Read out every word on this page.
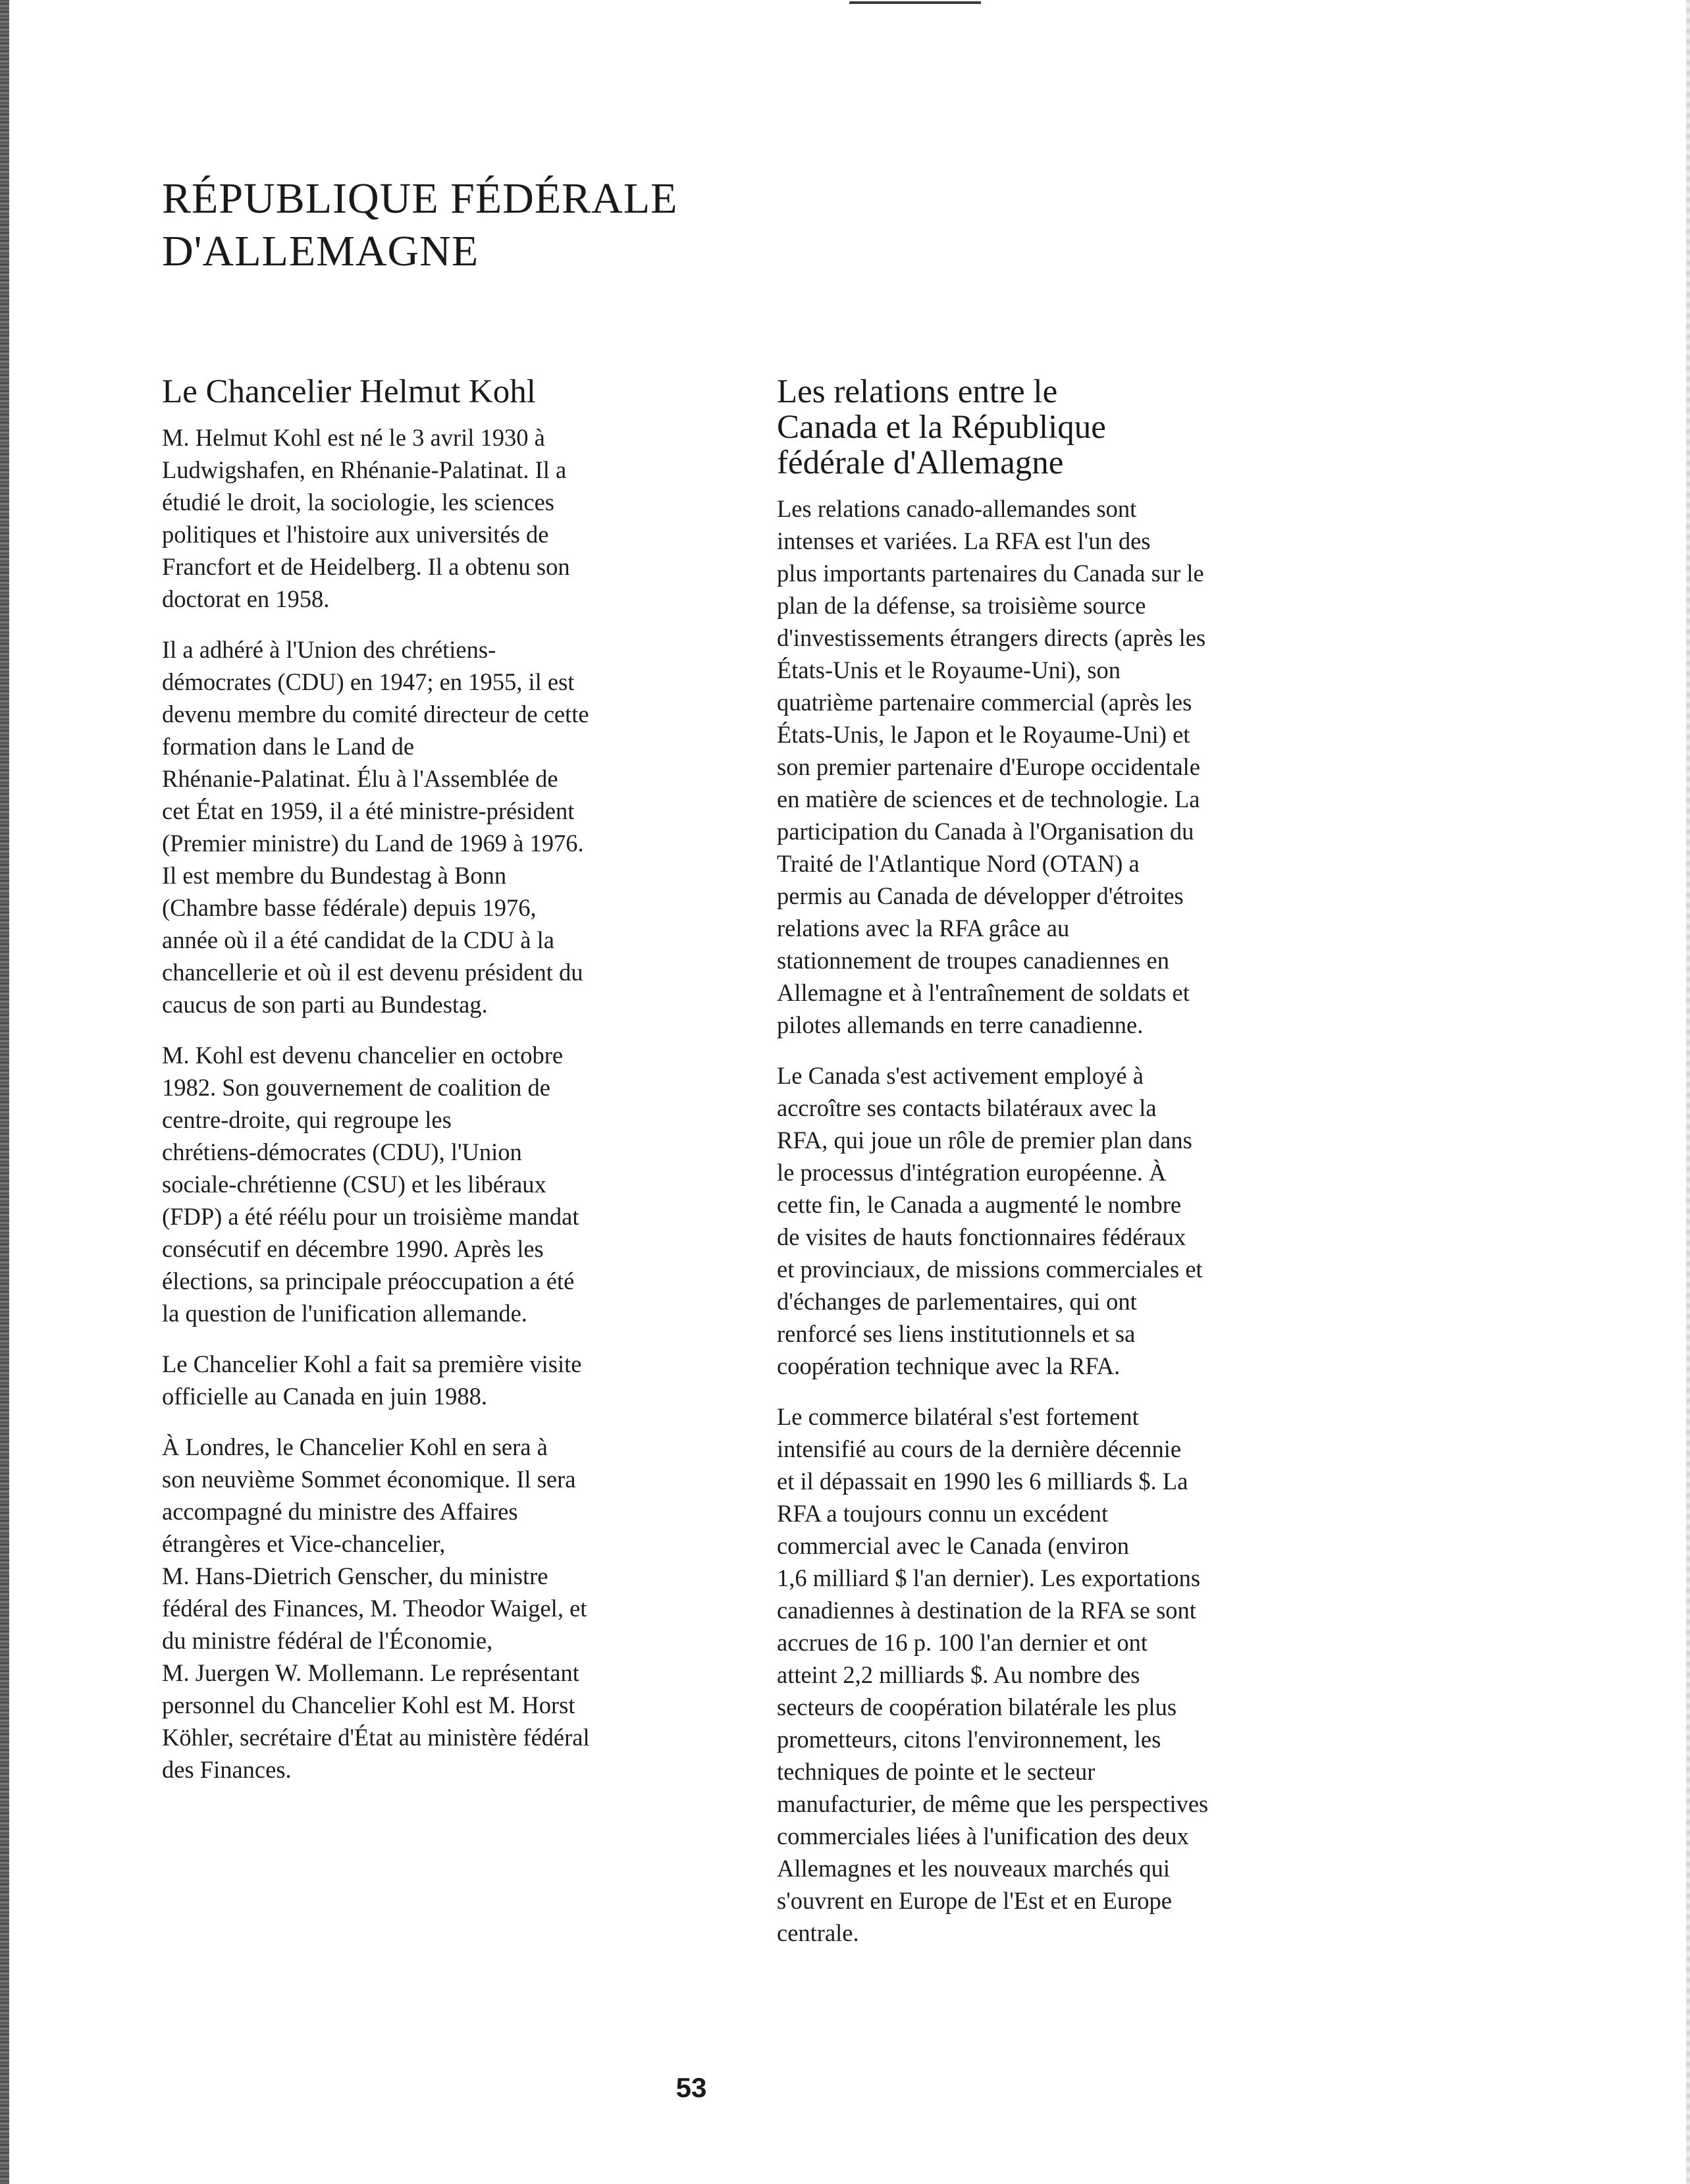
RÉPUBLIQUE FÉDÉRALE
D'ALLEMAGNE
Le Chancelier Helmut Kohl

M. Helmut Kohl est né le 3 avril 1930 à
Ludwigshafen, en Rhénanie-Palatinat. Il a
étudié le droit, la sociologie, les sciences
politiques et l'histoire aux universités de
Francfort et de Heidelberg. Il a obtenu son
doctorat en 1958.

Il a adhéré à l'Union des chrétiens-
démocrates (CDU) en 1947; en 1955, il est
devenu membre du comité directeur de cette
formation dans le Land de
Rhénanie-Palatinat. Élu à l'Assemblée de
cet État en 1959, il a été ministre-président
(Premier ministre) du Land de 1969 à 1976.
Il est membre du Bundestag à Bonn
(Chambre basse fédérale) depuis 1976,
année où il a été candidat de la CDU à la
chancellerie et où il est devenu président du
caucus de son parti au Bundestag.

M. Kohl est devenu chancelier en octobre
1982. Son gouvernement de coalition de
centre-droite, qui regroupe les
chrétiens-démocrates (CDU), l'Union
sociale-chrétienne (CSU) et les libéraux
(FDP) a été réélu pour un troisième mandat
consécutif en décembre 1990. Après les
élections, sa principale préoccupation a été
la question de l'unification allemande.

Le Chancelier Kohl a fait sa première visite
officielle au Canada en juin 1988.

À Londres, le Chancelier Kohl en sera à
son neuvième Sommet économique. Il sera
accompagné du ministre des Affaires
étrangères et Vice-chancelier,
M. Hans-Dietrich Genscher, du ministre
fédéral des Finances, M. Theodor Waigel, et
du ministre fédéral de l'Économie,
M. Juergen W. Mollemann. Le représentant
personnel du Chancelier Kohl est M. Horst
Köhler, secrétaire d'État au ministère fédéral
des Finances.

Les relations entre le
Canada et la République
fédérale d'Allemagne

Les relations canado-allemandes sont
intenses et variées. La RFA est l'un des
plus importants partenaires du Canada sur le
plan de la défense, sa troisième source
d'investissements étrangers directs (après les
États-Unis et le Royaume-Uni), son
quatrième partenaire commercial (après les
États-Unis, le Japon et le Royaume-Uni) et
son premier partenaire d'Europe occidentale
en matière de sciences et de technologie. La
participation du Canada à l'Organisation du
Traité de l'Atlantique Nord (OTAN) a
permis au Canada de développer d'étroites
relations avec la RFA grâce au
stationnement de troupes canadiennes en
Allemagne et à l'entraînement de soldats et
pilotes allemands en terre canadienne.

Le Canada s'est activement employé à
accroître ses contacts bilatéraux avec la
RFA, qui joue un rôle de premier plan dans
le processus d'intégration européenne. À
cette fin, le Canada a augmenté le nombre
de visites de hauts fonctionnaires fédéraux
et provinciaux, de missions commerciales et
d'échanges de parlementaires, qui ont
renforcé ses liens institutionnels et sa
coopération technique avec la RFA.

Le commerce bilatéral s'est fortement
intensifié au cours de la dernière décennie
et il dépassait en 1990 les 6 milliards $. La
RFA a toujours connu un excédent
commercial avec le Canada (environ
1,6 milliard $ l'an dernier). Les exportations
canadiennes à destination de la RFA se sont
accrues de 16 p. 100 l'an dernier et ont
atteint 2,2 milliards $. Au nombre des
secteurs de coopération bilatérale les plus
prometteurs, citons l'environnement, les
techniques de pointe et le secteur
manufacturier, de même que les perspectives
commerciales liées à l'unification des deux
Allemagnes et les nouveaux marchés qui
s'ouvrent en Europe de l'Est et en Europe
centrale.

53
